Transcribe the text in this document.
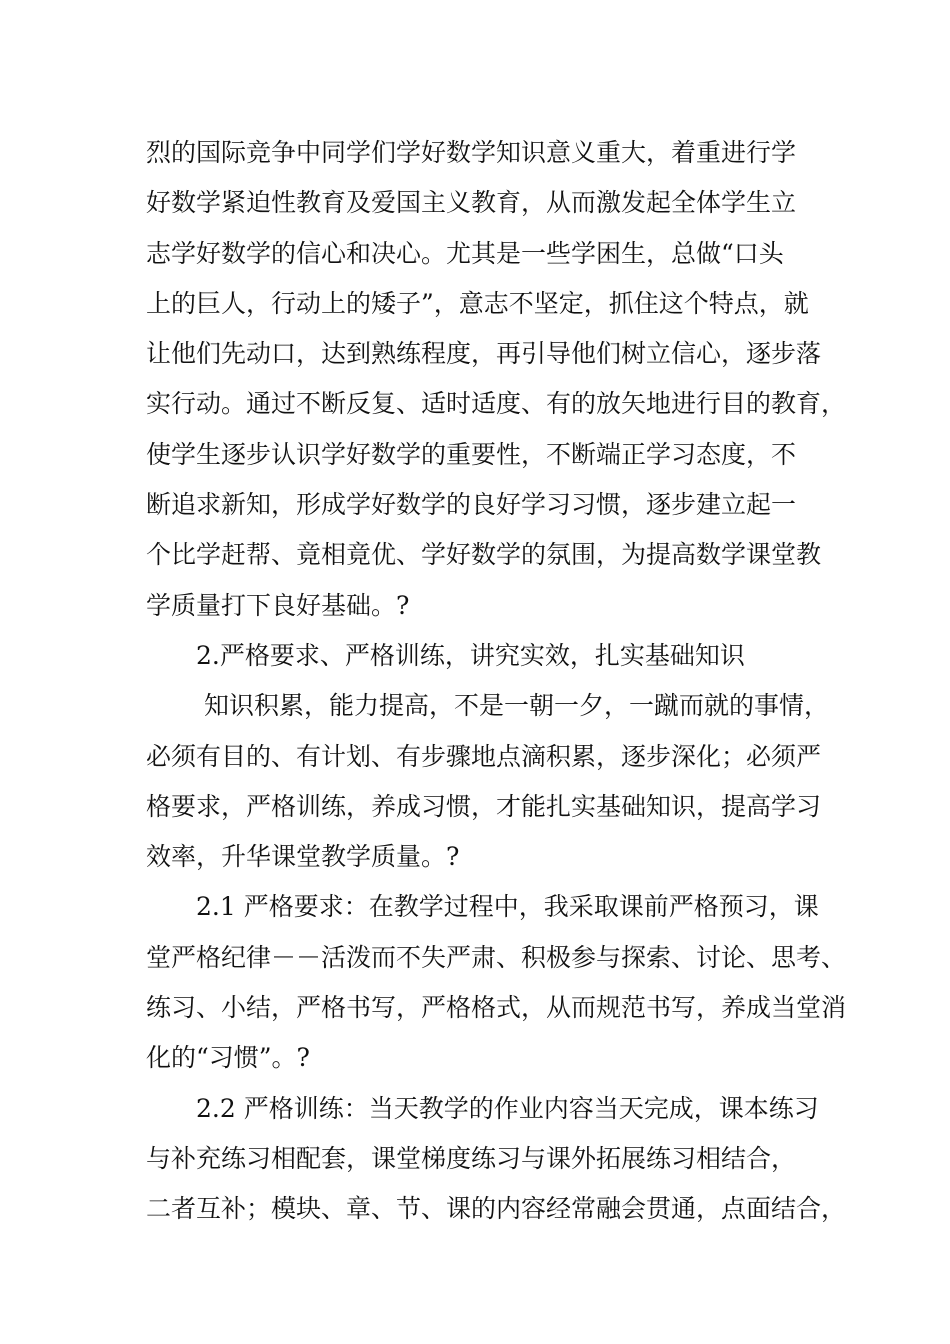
烈的国际竞争中同学们学好数学知识意义重大，着重进行学
好数学紧迫性教育及爱国主义教育，从而激发起全体学生立
志学好数学的信心和决心。尤其是一些学困生，总做“口头
上的巨人，行动上的矮子”，意志不坚定，抓住这个特点，就
让他们先动口，达到熟练程度，再引导他们树立信心，逐步落
实行动。通过不断反复、适时适度、有的放矢地进行目的教育，
使学生逐步认识学好数学的重要性，不断端正学习态度，不
断追求新知，形成学好数学的良好学习习惯，逐步建立起一
个比学赶帮、竟相竟优、学好数学的氛围，为提高数学课堂教
学质量打下良好基础。?
2.严格要求、严格训练，讲究实效，扎实基础知识
知识积累，能力提高，不是一朝一夕，一蹴而就的事情，
必须有目的、有计划、有步骤地点滴积累，逐步深化；必须严
格要求，严格训练，养成习惯，才能扎实基础知识，提高学习
效率，升华课堂教学质量。?
2.1 严格要求：在教学过程中，我采取课前严格预习，课
堂严格纪律－－活泼而不失严肃、积极参与探索、讨论、思考、
练习、小结，严格书写，严格格式，从而规范书写，养成当堂消
化的“习惯”。?
2.2 严格训练：当天教学的作业内容当天完成，课本练习
与补充练习相配套，课堂梯度练习与课外拓展练习相结合，
二者互补；模块、章、节、课的内容经常融会贯通，点面结合，
